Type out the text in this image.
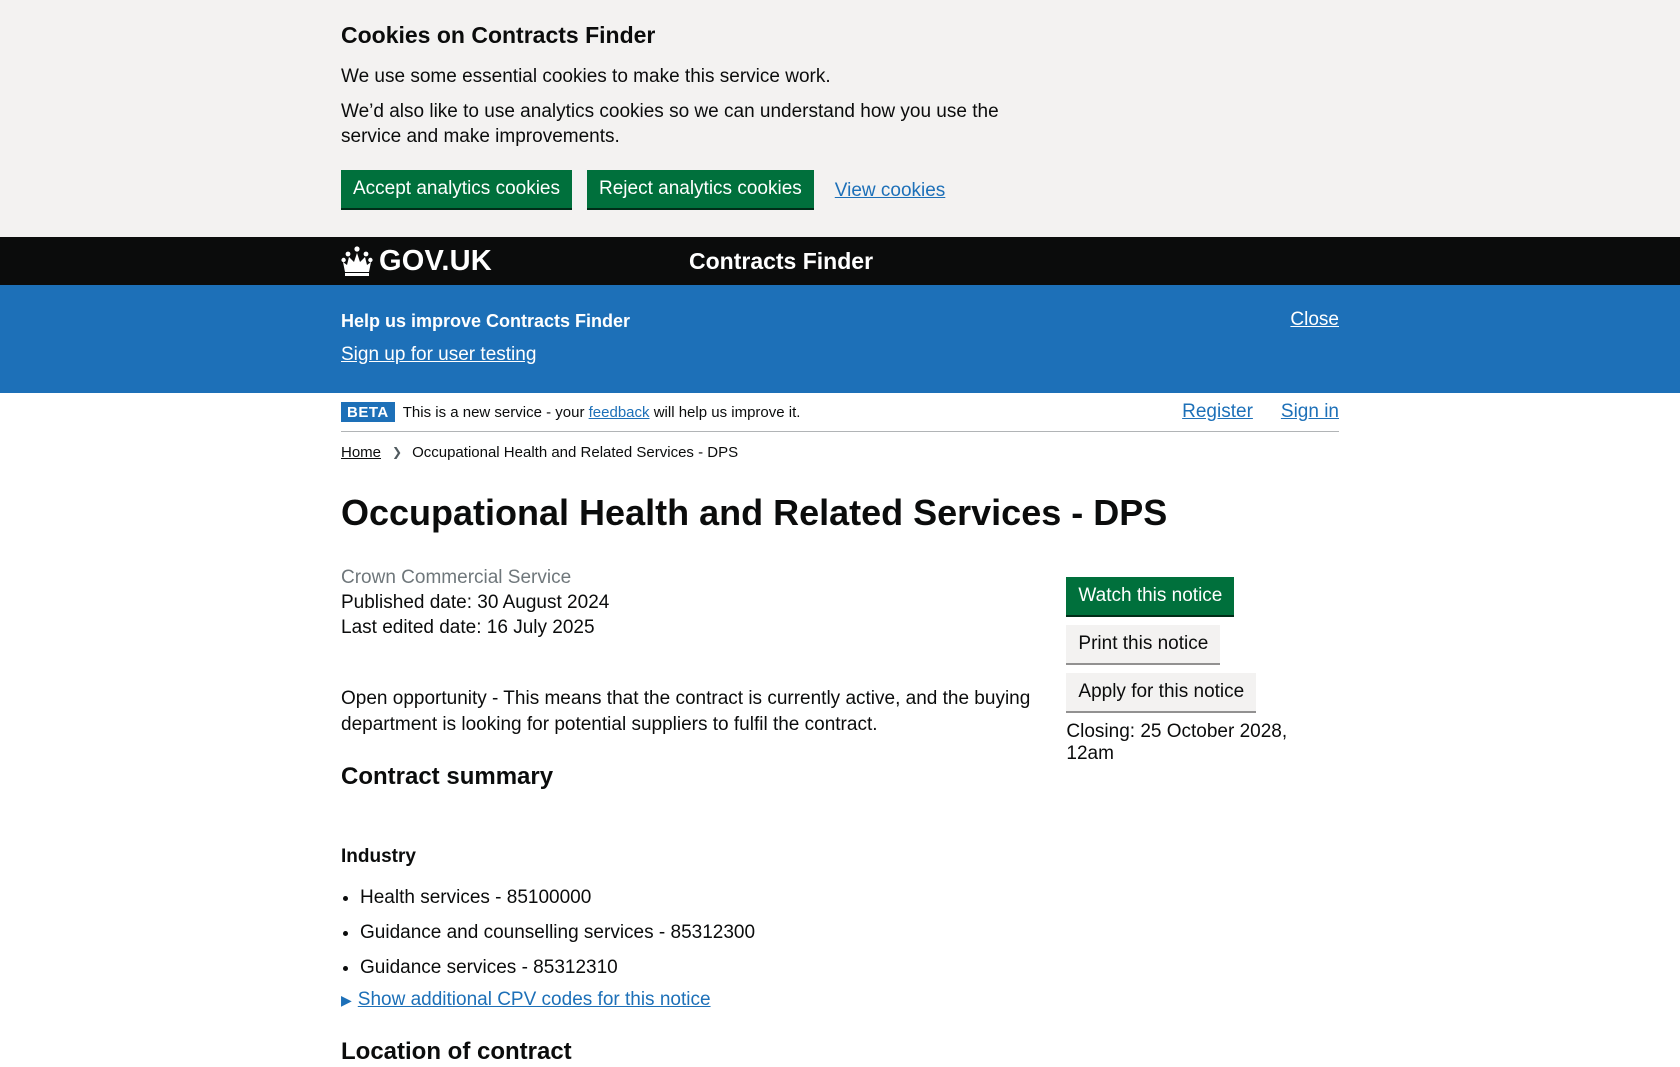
Cookies on Contracts Finder

We use some essential cookies to make this service work.

We’d also like to use analytics cookies so we can understand how you use the service and make improvements.

Accept analytics cookies	Reject analytics cookies	View cookies
GOV.UK	Contracts Finder
Help us improve Contracts Finder
Sign up for user testing
Close
BETA This is a new service - your
feedback
will help us improve it.	Register Sign in
Home ❯ Occupational Health and Related Services - DPS
Occupational Health and Related Services - DPS
Crown Commercial Service
Published date: 30 August 2024
Last edited date: 16 July 2025

Open opportunity - This means that the contract is currently active, and the buying department is looking for potential suppliers to fulfil the contract.

Contract summary
Industry
• Health services - 85100000
• Guidance and counselling services - 85312300
• Guidance services - 85312310
▶ Show additional CPV codes for this notice
Location of contract
Watch this notice
Print this notice
Apply for this notice
Closing: 25 October 2028, 12am
